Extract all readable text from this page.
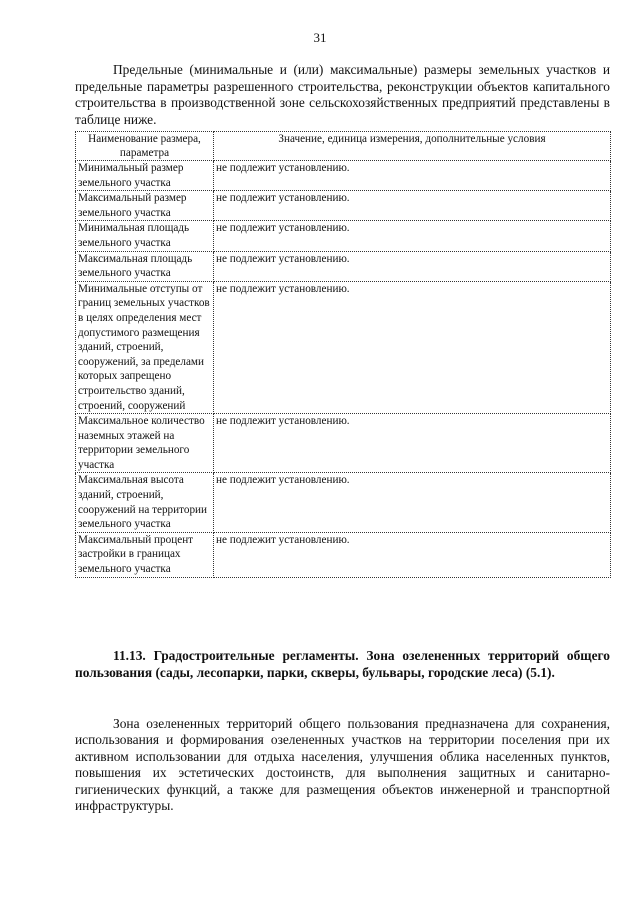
31

Предельные (минимальные и (или) максимальные) размеры земельных участков и предельные параметры разрешенного строительства, реконструкции объектов капитального строительства в производственной зоне сельскохозяйственных предприятий представлены в таблице ниже.

Наименование размера, параметра	Значение, единица измерения, дополнительные условия
Минимальный размер земельного участка	не подлежит установлению.
Максимальный размер земельного участка	не подлежит установлению.
Минимальная площадь земельного участка	не подлежит установлению.
Максимальная площадь земельного участка	не подлежит установлению.
Минимальные отступы от границ земельных участков в целях определения мест допустимого размещения зданий, строений, сооружений, за пределами которых запрещено строительство зданий, строений, сооружений	не подлежит установлению.
Максимальное количество наземных этажей на территории земельного участка	не подлежит установлению.
Максимальная высота зданий, строений, сооружений на территории земельного участка	не подлежит установлению.
Максимальный процент застройки в границах земельного участка	не подлежит установлению.

11.13. Градостроительные регламенты. Зона озелененных территорий общего пользования (сады, лесопарки, парки, скверы, бульвары, городские леса) (5.1).

Зона озелененных территорий общего пользования предназначена для сохранения, использования и формирования озелененных участков на территории поселения при их активном использовании для отдыха населения, улучшения облика населенных пунктов, повышения их эстетических достоинств, для выполнения защитных и санитарно-гигиенических функций, а также для размещения объектов инженерной и транспортной инфраструктуры.
